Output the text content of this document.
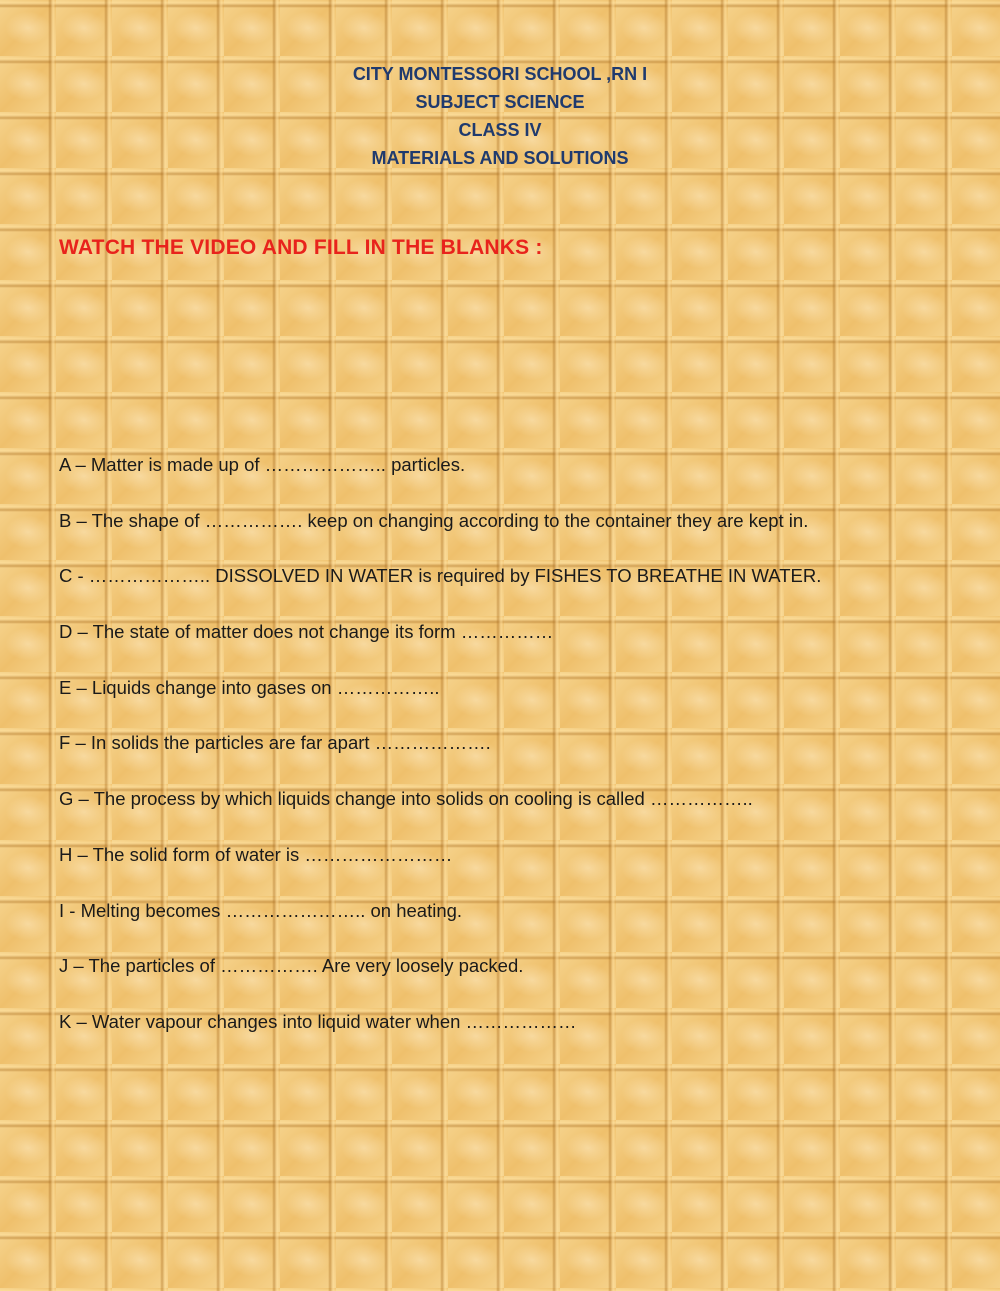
CITY MONTESSORI SCHOOL ,RN I
SUBJECT SCIENCE
CLASS IV
MATERIALS AND SOLUTIONS
WATCH THE VIDEO AND FILL IN THE BLANKS :
A – Matter is made up of ……………….. particles.
B – The shape of ……………. keep on changing according to the container they are kept in.
C - ……………….. DISSOLVED IN WATER is required by FISHES TO BREATHE IN WATER.
D – The state of matter does not change its form ……………
E – Liquids change into gases on ……………..
F – In solids the particles are far apart ……………….
G – The process by which liquids change into solids on cooling is called ……………..
H – The solid form of water is ……………………
I - Melting becomes ………………….. on heating.
J – The particles of ……………. Are very loosely packed.
K – Water vapour changes into liquid water when ………………
